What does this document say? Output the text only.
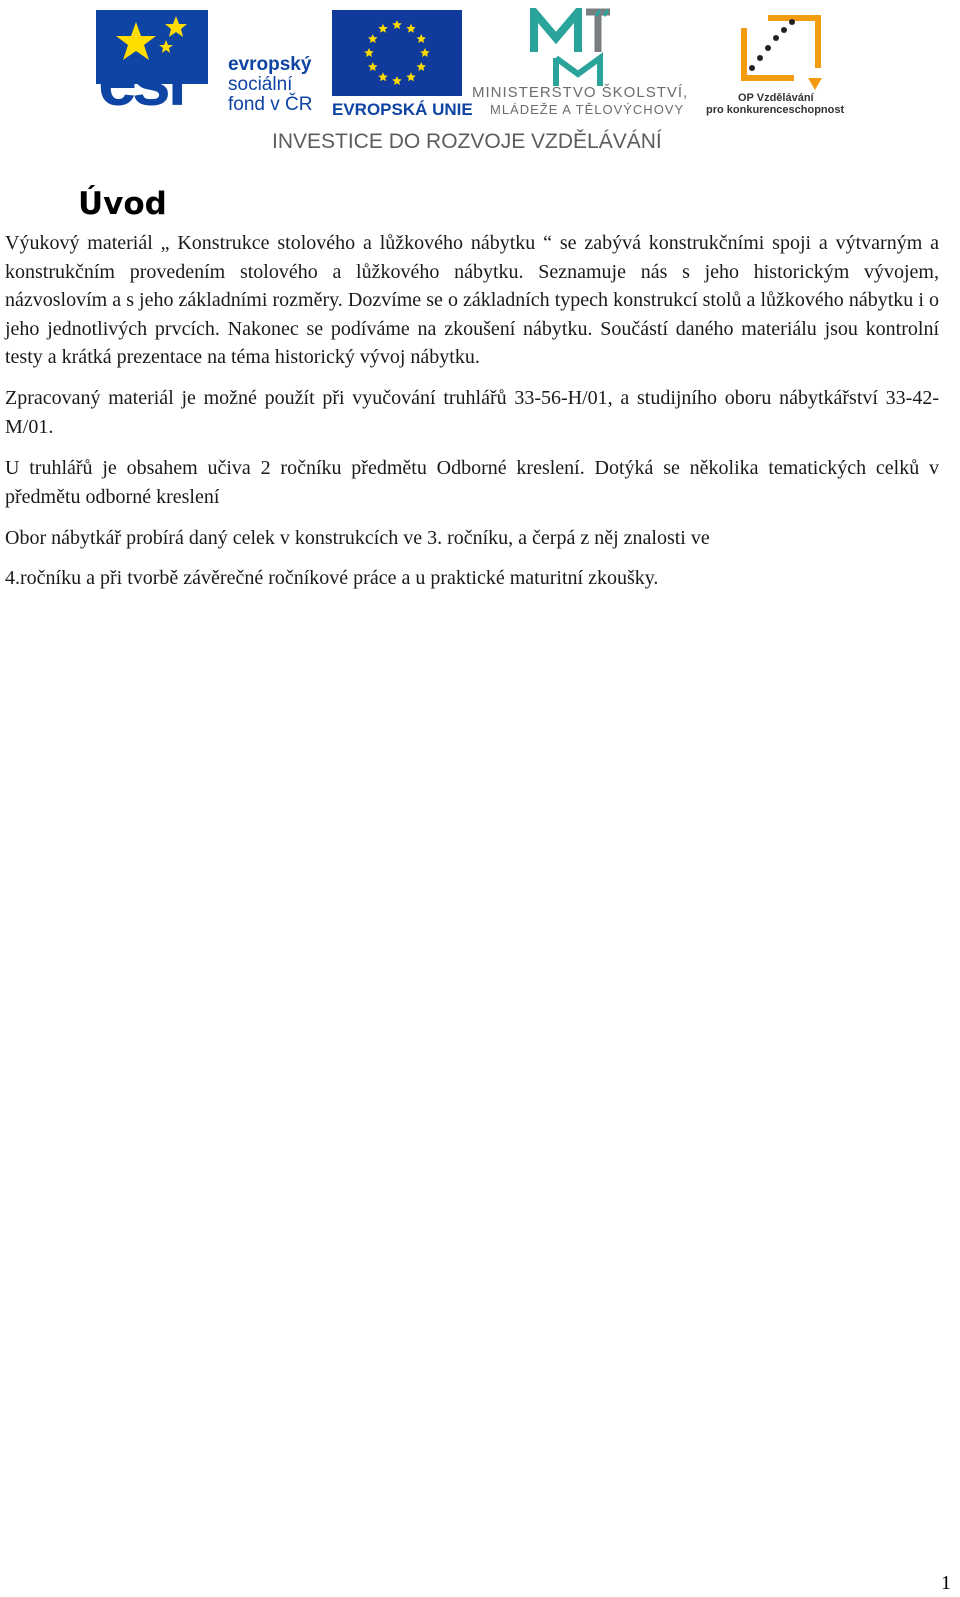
esf evropský
sociální
fond v ČR EVROPSKÁ UNIE
MINISTERSTVO ŠKOLSTVÍ,
MLÁDEŽE A TĚLOVÝCHOVY
OP Vzdělávání
pro konkurenceschopnost
INVESTICE DO ROZVOJE VZDĚLÁVÁNÍ
Úvod

Výukový materiál „ Konstrukce stolového a lůžkového nábytku “ se zabývá konstrukčními spoji a výtvarným a konstrukčním provedením stolového a lůžkového nábytku. Seznamuje nás s jeho historickým vývojem, názvoslovím a s jeho základními rozměry. Dozvíme se o základních typech konstrukcí stolů a lůžkového nábytku i o jeho jednotlivých prvcích. Nakonec se podíváme na zkoušení nábytku. Součástí daného materiálu jsou kontrolní testy a krátká prezentace na téma historický vývoj nábytku.

Zpracovaný materiál je možné použít při vyučování truhlářů 33-56-H/01, a studijního oboru nábytkářství 33-42-M/01.

U truhlářů je obsahem učiva 2 ročníku předmětu Odborné kreslení. Dotýká se několika tematických celků v předmětu odborné kreslení

Obor nábytkář probírá daný celek v konstrukcích ve 3. ročníku, a čerpá z něj znalosti ve

4.ročníku a při tvorbě závěrečné ročníkové práce a u praktické maturitní zkoušky.

1
